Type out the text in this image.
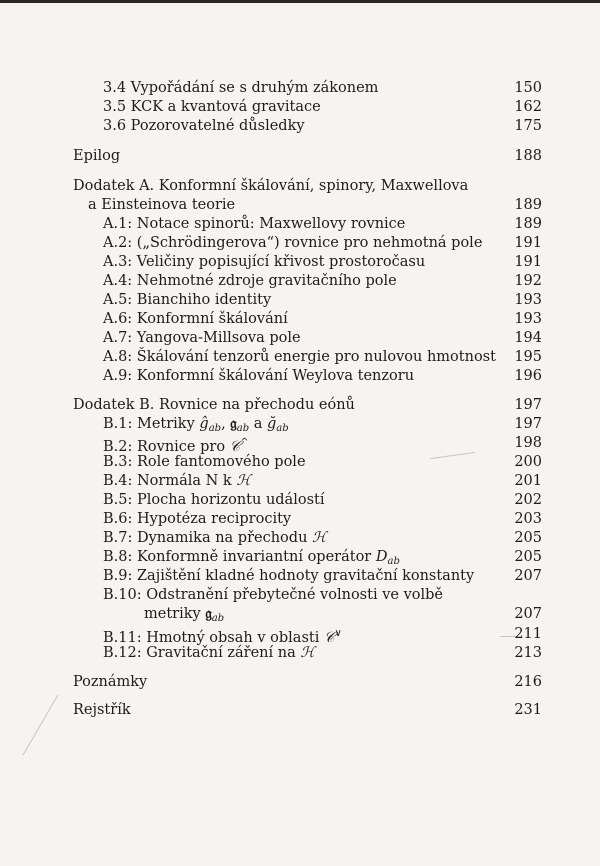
3.4 Vypořádání se s druhým zákonem	150
3.5 KCK a kvantová gravitace	162
3.6 Pozorovatelné důsledky	175
Epilog	188
Dodatek A. Konformní škálování, spinory, Maxwellova
a Einsteinova teorie	189
A.1: Notace spinorů: Maxwellovy rovnice	189
A.2: („Schrödingerova“) rovnice pro nehmotná pole 191
A.3: Veličiny popisující křivost prostoročasu	191
A.4: Nehmotné zdroje gravitačního pole	192
A.5: Bianchiho identity	193
A.6: Konformní škálování	193
A.7: Yangova-Millsova pole	194
A.8: Škálování tenzorů energie pro nulovou hmotnost 195
A.9: Konformní škálování Weylova tenzoru	196
Dodatek B. Rovnice na přechodu eónů	197
B.1: Metriky $ĝ_{ab}$, 𝔤$_{ab}$ a $ğ_{ab}$	197
B.2: Rovnice pro 𝒞^	198
B.3: Role fantomového pole	200
B.4: Normála N k ℋ	201
B.5: Plocha horizontu událostí	202
B.6: Hypotéza reciprocity	203
B.7: Dynamika na přechodu ℋ	205
B.8: Konformně invariantní operátor $D_{ab}$	205
B.9: Zajištění kladné hodnoty gravitační konstanty	207
B.10: Odstranění přebytečné volnosti ve volbě
metriky 𝔤$_{ab}$	207
B.11: Hmotný obsah v oblasti 𝒞∨	211
B.12: Gravitační záření na ℋ	213
Poznámky	216
Rejstřík	231
